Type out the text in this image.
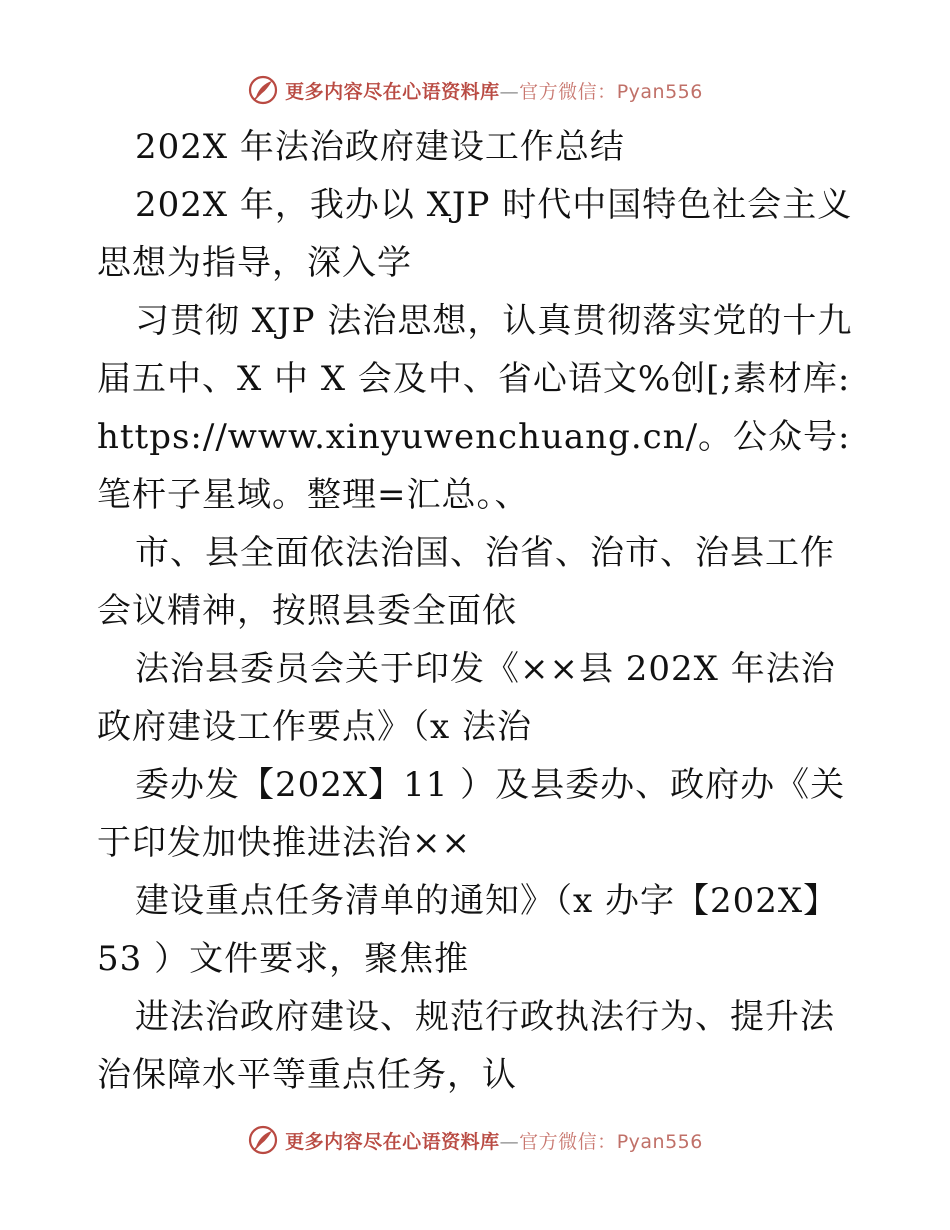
更多内容尽在心语资料库—官方微信：Pyan556

202X 年法治政府建设工作总结

202X 年，我办以 XJP 时代中国特色社会主义思想为指导，深入学

习贯彻 XJP 法治思想，认真贯彻落实党的十九届五中、X 中 X 会及中、省心语文%创[;素材库:https://www.xinyuwenchuang.cn/。公众号: 笔杆子星域。整理=汇总。、

市、县全面依法治国、治省、治市、治县工作会议精神，按照县委全面依

法治县委员会关于印发《××县 202X 年法治政府建设工作要点》（x 法治

委办发【202X】11 ）及县委办、政府办《关于印发加快推进法治××

建设重点任务清单的通知》（x 办字【202X】53 ）文件要求，聚焦推

进法治政府建设、规范行政执法行为、提升法治保障水平等重点任务，认

更多内容尽在心语资料库—官方微信：Pyan556
